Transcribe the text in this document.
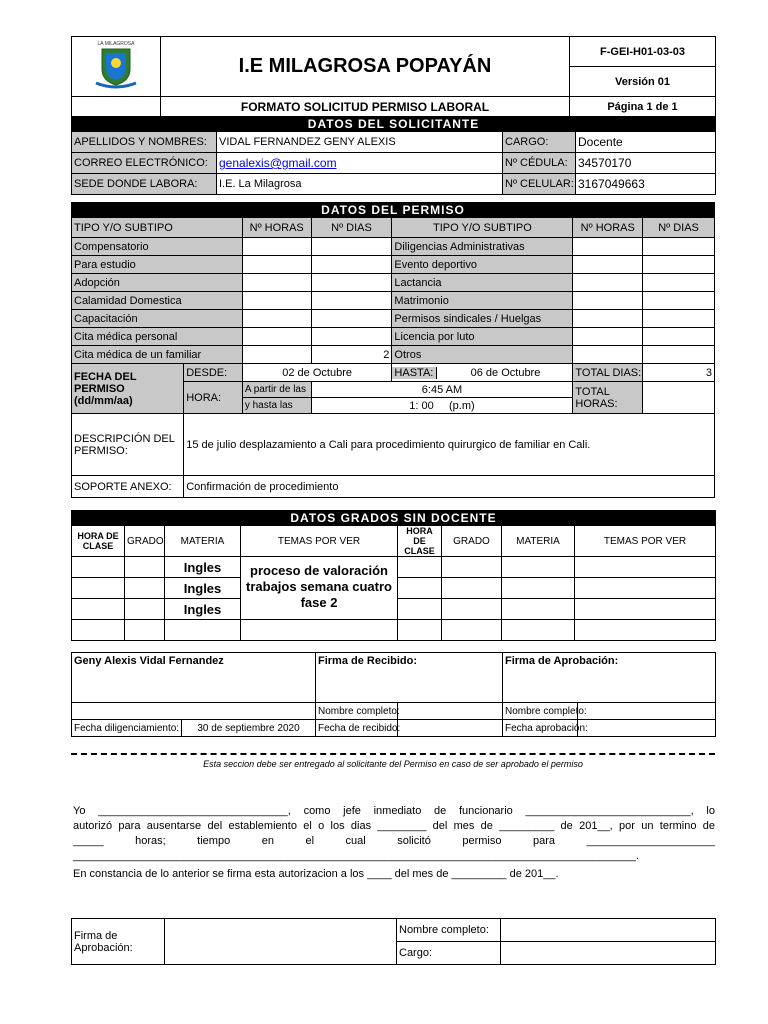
LA MILAGROSA	I.E MILAGROSA POPAYÁN	F-GEI-H01-03-03
		Versión 01
	FORMATO SOLICITUD PERMISO LABORAL	Página 1 de 1
DATOS DEL SOLICITANTE			
APELLIDOS Y NOMBRES:	VIDAL FERNANDEZ GENY ALEXIS	CARGO:	Docente
CORREO ELECTRÓNICO:	genalexis@gmail.com	Nº CÉDULA:	34570170
SEDE DONDE LABORA:	I.E. La Milagrosa	Nº CELULAR:	3167049663
DATOS DEL PERMISO						
TIPO Y/O SUBTIPO		Nº HORAS	Nº DIAS	TIPO Y/O SUBTIPO	Nº HORAS	Nº DIAS
Compensatorio				Diligencias Administrativas		
Para estudio				Evento deportivo		
Adopción				Lactancia		
Calamidad Domestica				Matrimonio		
Capacitación				Permisos sindicales / Huelgas		
Cita médica personal				Licencia por luto		
Cita médica de un familiar			2	Otros		
FECHA DEL PERMISO (dd/mm/aa)	DESDE:	02 de Octubre		HASTA: 06 de Octubre	TOTAL DIAS:	3
	HORA:	A partir de las	6:45 AM		TOTAL HORAS:	
		y hasta las	1: 00     (p.m)			
DESCRIPCIÓN DEL PERMISO:	15 de julio desplazamiento a Cali para procedimiento quirurgico de familiar en Cali.					
SOPORTE ANEXO:	Confirmación de procedimiento					
DATOS GRADOS SIN DOCENTE							
HORA DE CLASE	GRADO	MATERIA	TEMAS POR VER	HORA DE CLASE	GRADO	MATERIA	TEMAS POR VER
		Ingles	proceso de valoración trabajos semana cuatro fase 2				
		Ingles					
		Ingles					

Geny Alexis Vidal Fernandez		Firma de Recibido:		Firma de Aprobación:	
		Nombre completo:		Nombre completo:	
Fecha diligenciamiento:	30 de septiembre 2020	Fecha de recibido:		Fecha aprobación:	
Esta seccion debe ser entregado al solicitante del Permiso en caso de ser aprobado el permiso
Yo _______________________________, como jefe inmediato de funcionario ___________________________, lo
autorizó para ausentarse del establemiento el o los dias ________ del mes de _________ de 201__, por un termino de
_____ horas; tiempo en el cual solicitó permiso para _____________________
____________________________________________________________________________________________.
En constancia de lo anterior se firma esta autorizacion a los ____ del mes de _________ de 201__.
Firma de Aprobación:		Nombre completo:	
		Cargo:	
